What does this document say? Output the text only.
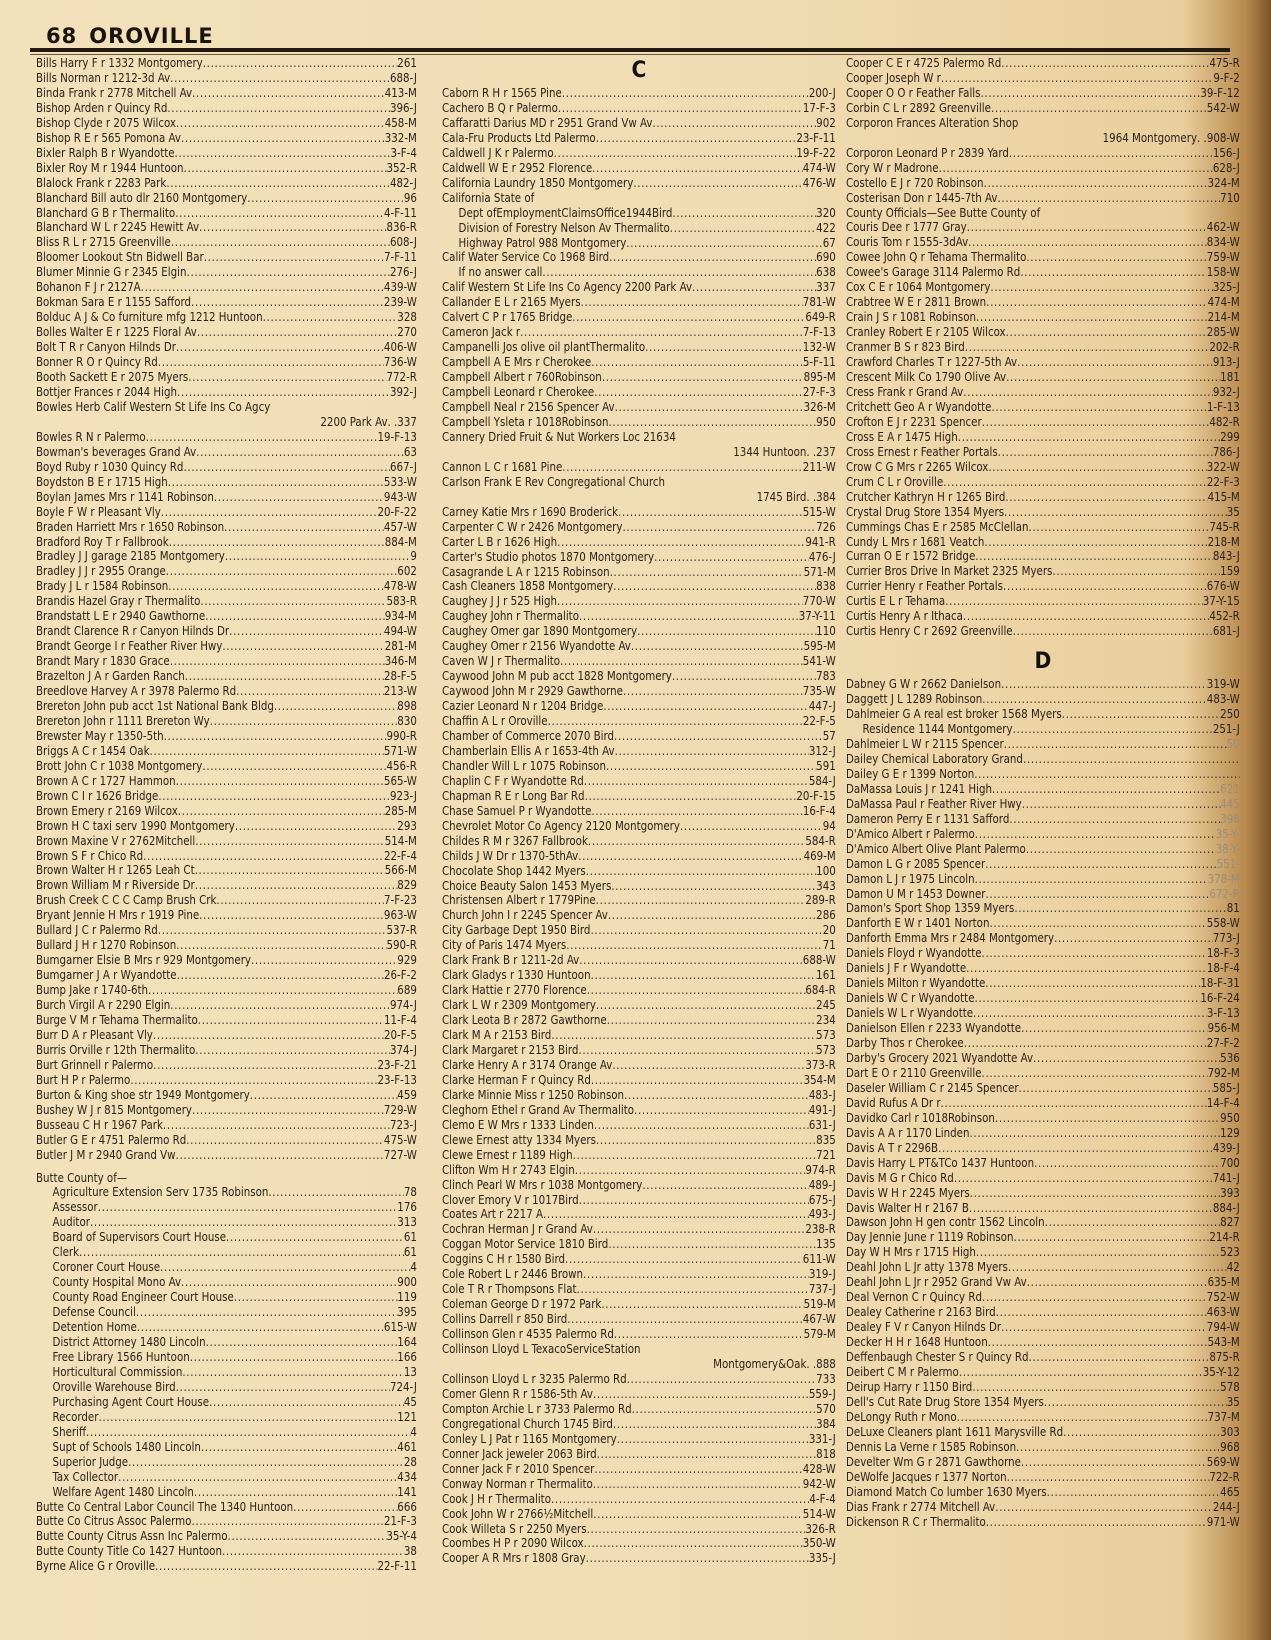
68 OROVILLE
Bills Harry F r 1332 Montgomery . . .	261
Bills Norman r 1212-3d Av . . .	688-J
Binda Frank r 2778 Mitchell Av . . .	413-M
Bishop Arden r Quincy Rd . . .	396-J
Bishop Clyde r 2075 Wilcox . . .	458-M
Bishop R E r 565 Pomona Av . . .	332-M
Bixler Ralph B r Wyandotte . . .	3-F-4
Bixler Roy M r 1944 Huntoon . . .	352-R
Blalock Frank r 2283 Park . . .	482-J
Blanchard Bill auto dlr 2160 Montgomery . . .	96
Blanchard G B r Thermalito . . .	4-F-11
Blanchard W L r 2245 Hewitt Av . . .	836-R
Bliss R L r 2715 Greenville . . .	608-J
Bloomer Lookout Stn Bidwell Bar . . .	7-F-11
Blumer Minnie G r 2345 Elgin . . .	276-J
Bohanon F J r 2127A . . .	439-W
Bokman Sara E r 1155 Safford . . .	239-W
Bolduc A J & Co furniture mfg 1212 Huntoon . . .	328
Bolles Walter E r 1225 Floral Av . . .	270
Bolt T R r Canyon Hilnds Dr . . .	406-W
Bonner R O r Quincy Rd . . .	736-W
Booth Sackett E r 2075 Myers . . .	772-R
Bottjer Frances r 2044 High . . .	392-J
Bowles Herb Calif Western St Life Ins Co Agcy
2200 Park Av . . 337
Bowles R N r Palermo . . .	19-F-13
Bowman's beverages Grand Av . . .	63
Boyd Ruby r 1030 Quincy Rd . . .	667-J
Boydston B E r 1715 High . . .	533-W
Boylan James Mrs r 1141 Robinson . . .	943-W
Boyle F W r Pleasant Vly . . .	20-F-22
Braden Harriett Mrs r 1650 Robinson . . .	457-W
Bradford Roy T r Fallbrook . . .	884-M
Bradley J J garage 2185 Montgomery . . .	9
Bradley J J r 2955 Orange . . .	602
Brady J L r 1584 Robinson . . .	478-W
Brandis Hazel Gray r Thermalito . . .	583-R
Brandstatt L E r 2940 Gawthorne . . .	934-M
Brandt Clarence R r Canyon Hilnds Dr . . .	494-W
Brandt George I r Feather River Hwy . . .	281-M
Brandt Mary r 1830 Grace . . .	346-M
Brazelton J A r Garden Ranch . . .	28-F-5
Breedlove Harvey A r 3978 Palermo Rd . . .	213-W
Brereton John pub acct 1st National Bank Bldg . . .	898
Brereton John r 1111 Brereton Wy . . .	830
Brewster May r 1350-5th . . .	990-R
Briggs A C r 1454 Oak . . .	571-W
Brott John C r 1038 Montgomery . . .	456-R
Brown A C r 1727 Hammon . . .	565-W
Brown C I r 1626 Bridge . . .	923-J
Brown Emery r 2169 Wilcox . . .	285-M
Brown H C taxi serv 1990 Montgomery . . .	293
Brown Maxine V r 2762Mitchell . . .	514-M
Brown S F r Chico Rd . . .	22-F-4
Brown Walter H r 1265 Leah Ct . . .	566-M
Brown William M r Riverside Dr . . .	829
Brush Creek C C C Camp Brush Crk . . .	7-F-23
Bryant Jennie H Mrs r 1919 Pine . . .	963-W
Bullard J C r Palermo Rd . . .	537-R
Bullard J H r 1270 Robinson . . .	590-R
Bumgarner Elsie B Mrs r 929 Montgomery . . .	929
Bumgarner J A r Wyandotte . . .	26-F-2
Bump Jake r 1740-6th . . .	689
Burch Virgil A r 2290 Elgin . . .	974-J
Burge V M r Tehama Thermalito . . .	11-F-4
Burr D A r Pleasant Vly . . .	20-F-5
Burris Orville r 12th Thermalito . . .	374-J
Burt Grinnell r Palermo . . .	23-F-21
Burt H P r Palermo . . .	23-F-13
Burton & King shoe str 1949 Montgomery . . .	459
Bushey W J r 815 Montgomery . . .	729-W
Busseau C H r 1967 Park . . .	723-J
Butler G E r 4751 Palermo Rd . . .	475-W
Butler J M r 2940 Grand Vw . . .	727-W
Butte County of—
Agriculture Extension Serv 1735 Robinson . . .	78
Assessor . . .	176
Auditor . . .	313
Board of Supervisors Court House . . .	61
Clerk . . .	61
Coroner Court House . . .	4
County Hospital Mono Av . . .	900
County Road Engineer Court House . . .	119
Defense Council . . .	395
Detention Home . . .	615-W
District Attorney 1480 Lincoln . . .	164
Free Library 1566 Huntoon . . .	166
Horticultural Commission . . .	13
Oroville Warehouse Bird . . .	724-J
Purchasing Agent Court House . . .	45
Recorder . . .	121
Sheriff . . .	4
Supt of Schools 1480 Lincoln . . .	461
Superior Judge . . .	28
Tax Collector . . .	434
Welfare Agent 1480 Lincoln . . .	141
Butte Co Central Labor Council The 1340 Huntoon . . .	666
Butte Co Citrus Assoc Palermo . . .	21-F-3
Butte County Citrus Assn Inc Palermo . . .	35-Y-4
Butte County Title Co 1427 Huntoon . . .	38
Byrne Alice G r Oroville . . .	22-F-11
C
Caborn R H r 1565 Pine . . .	200-J
Cachero B Q r Palermo . . .	17-F-3
Caffaratti Darius MD r 2951 Grand Vw Av . . .	902
Cala-Fru Products Ltd Palermo . . .	23-F-11
Caldwell J K r Palermo . . .	19-F-22
Caldwell W E r 2952 Florence . . .	474-W
California Laundry 1850 Montgomery . . .	476-W
California State of
Dept ofEmploymentClaimsOffice1944Bird . . .	320
Division of Forestry Nelson Av Thermalito . . .	422
Highway Patrol 988 Montgomery . . .	67
Calif Water Service Co 1968 Bird . . .	690
If no answer call . . .	638
Calif Western St Life Ins Co Agency 2200 Park Av . . .	337
Callander E L r 2165 Myers . . .	781-W
Calvert C P r 1765 Bridge . . .	649-R
Cameron Jack r . . .	7-F-13
Campanelli Jos olive oil plantThermalito . . .	132-W
Campbell A E Mrs r Cherokee . . .	5-F-11
Campbell Albert r 760Robinson . . .	895-M
Campbell Leonard r Cherokee . . .	27-F-3
Campbell Neal r 2156 Spencer Av . . .	326-M
Campbell Ysleta r 1018Robinson . . .	950
Cannery Dried Fruit & Nut Workers Loc 21634
1344 Huntoon . . 237
Cannon L C r 1681 Pine . . .	211-W
Carlson Frank E Rev Congregational Church
1745 Bird . . 384
Carney Katie Mrs r 1690 Broderick . . .	515-W
Carpenter C W r 2426 Montgomery . . .	726
Carter L B r 1626 High . . .	941-R
Carter's Studio photos 1870 Montgomery . . .	476-J
Casagrande L A r 1215 Robinson . . .	571-M
Cash Cleaners 1858 Montgomery . . .	838
Caughey J J r 525 High . . .	770-W
Caughey John r Thermalito . . .	37-Y-11
Caughey Omer gar 1890 Montgomery . . .	110
Caughey Omer r 2156 Wyandotte Av . . .	595-M
Caven W J r Thermalito . . .	541-W
Caywood John M pub acct 1828 Montgomery . . .	783
Caywood John M r 2929 Gawthorne . . .	735-W
Cazier Leonard N r 1204 Bridge . . .	447-J
Chaffin A L r Oroville . . .	22-F-5
Chamber of Commerce 2070 Bird . . .	57
Chamberlain Ellis A r 1653-4th Av . . .	312-J
Chandler Will L r 1075 Robinson . . .	591
Chaplin C F r Wyandotte Rd . . .	584-J
Chapman R E r Long Bar Rd . . .	20-F-15
Chase Samuel P r Wyandotte . . .	16-F-4
Chevrolet Motor Co Agency 2120 Montgomery . . .	94
Childes R M r 3267 Fallbrook . . .	584-R
Childs J W Dr r 1370-5thAv . . .	469-M
Chocolate Shop 1442 Myers . . .	100
Choice Beauty Salon 1453 Myers . . .	343
Christensen Albert r 1779Pine . . .	289-R
Church John I r 2245 Spencer Av . . .	286
City Garbage Dept 1950 Bird . . .	20
City of Paris 1474 Myers . . .	71
Clark Frank B r 1211-2d Av . . .	688-W
Clark Gladys r 1330 Huntoon . . .	161
Clark Hattie r 2770 Florence . . .	684-R
Clark L W r 2309 Montgomery . . .	245
Clark Leota B r 2872 Gawthorne . . .	234
Clark M A r 2153 Bird . . .	573
Clark Margaret r 2153 Bird . . .	573
Clarke Henry A r 3174 Orange Av . . .	373-R
Clarke Herman F r Quincy Rd . . .	354-M
Clarke Minnie Miss r 1250 Robinson . . .	483-J
Cleghorn Ethel r Grand Av Thermalito . . .	491-J
Clemo E W Mrs r 1333 Linden . . .	631-J
Clewe Ernest atty 1334 Myers . . .	835
Clewe Ernest r 1189 High . . .	721
Clifton Wm H r 2743 Elgin . . .	974-R
Clinch Pearl W Mrs r 1038 Montgomery . . .	489-J
Clover Emory V r 1017Bird . . .	675-J
Coates Art r 2217 A . . .	493-J
Cochran Herman J r Grand Av . . .	238-R
Coggan Motor Service 1810 Bird . . .	135
Coggins C H r 1580 Bird . . .	611-W
Cole Robert L r 2446 Brown . . .	319-J
Cole T R r Thompsons Flat . . .	737-J
Coleman George D r 1972 Park . . .	519-M
Collins Darrell r 850 Bird . . .	467-W
Collinson Glen r 4535 Palermo Rd . . .	579-M
Collinson Lloyd L TexacoServiceStation
Montgomery&Oak . . 888
Collinson Lloyd L r 3235 Palermo Rd . . .	733
Comer Glenn R r 1586-5th Av . . .	559-J
Compton Archie L r 3733 Palermo Rd . . .	570
Congregational Church 1745 Bird . . .	384
Conley L J Pat r 1165 Montgomery . . .	331-J
Conner Jack jeweler 2063 Bird . . .	818
Conner Jack F r 2010 Spencer . . .	428-W
Conway Norman r Thermalito . . .	942-W
Cook J H r Thermalito . . .	4-F-4
Cook John W r 2766½Mitchell . . .	514-W
Cook Willeta S r 2250 Myers . . .	326-R
Coombes H P r 2090 Wilcox . . .	350-W
Cooper A R Mrs r 1808 Gray . . .	335-J
Cooper C E r 4725 Palermo Rd . . .	475-R
Cooper Joseph W r . . .	9-F-2
Cooper O O r Feather Falls . . .	39-F-12
Corbin C L r 2892 Greenville . . .	542-W
Corporon Frances Alteration Shop
1964 Montgomery . . 908-W
Corporon Leonard P r 2839 Yard . . .	156-J
Cory W r Madrone . . .	628-J
Costello E J r 720 Robinson . . .	324-M
Costerisan Don r 1445-7th Av . . .	710
County Officials—See Butte County of
Couris Dee r 1777 Gray . . .	462-W
Couris Tom r 1555-3dAv . . .	834-W
Cowee John Q r Tehama Thermalito . . .	759-W
Cowee's Garage 3114 Palermo Rd . . .	158-W
Cox C E r 1064 Montgomery . . .	325-J
Crabtree W E r 2811 Brown . . .	474-M
Crain J S r 1081 Robinson . . .	214-M
Cranley Robert E r 2105 Wilcox . . .	285-W
Cranmer B S r 823 Bird . . .	202-R
Crawford Charles T r 1227-5th Av . . .	913-J
Crescent Milk Co 1790 Olive Av . . .	181
Cress Frank r Grand Av . . .	932-J
Critchett Geo A r Wyandotte . . .	1-F-13
Crofton E J r 2231 Spencer . . .	482-R
Cross E A r 1475 High . . .	299
Cross Ernest r Feather Portals . . .	786-J
Crow C G Mrs r 2265 Wilcox . . .	322-W
Crum C L r Oroville . . .	22-F-3
Crutcher Kathryn H r 1265 Bird . . .	415-M
Crystal Drug Store 1354 Myers . . .	35
Cummings Chas E r 2585 McClellan . . .	745-R
Cundy L Mrs r 1681 Veatch . . .	218-M
Curran O E r 1572 Bridge . . .	843-J
Currier Bros Drive In Market 2325 Myers . . .	159
Currier Henry r Feather Portals . . .	676-W
Curtis E L r Tehama . . .	37-Y-15
Curtis Henry A r Ithaca . . .	452-R
Curtis Henry C r 2692 Greenville . . .	681-J
D
Dabney G W r 2662 Danielson . . .	319-W
Daggett J L 1289 Robinson . . .	483-W
Dahlmeier G A real est broker 1568 Myers . . .	250
Residence 1144 Montgomery . . .	251-J
Dahlmeier L W r 2115 Spencer . . .	50
Dailey Chemical Laboratory Grand
. . .
Dailey G E r 1399 Norton
. . .
DaMassa Louis J r 1241 High . . .	621
DaMassa Paul r Feather River Hwy . . .	445
Dameron Perry E r 1131 Safford . . .	398
D'Amico Albert r Palermo . . .	35-Y-
D'Amico Albert Olive Plant Palermo . . .	38-Y-
Damon L G r 2085 Spencer . . .	551-
Damon L J r 1975 Lincoln . . .	378-M
Damon U M r 1453 Downer . . .	672-R
Damon's Sport Shop 1359 Myers . . .	81
Danforth E W r 1401 Norton . . .	558-W
Danforth Emma Mrs r 2484 Montgomery . . .	773-J
Daniels Floyd r Wyandotte . . .	18-F-3
Daniels J F r Wyandotte . . .	18-F-4
Daniels Milton r Wyandotte . . .	18-F-31
Daniels W C r Wyandotte . . .	16-F-24
Daniels W L r Wyandotte . . .	3-F-13
Danielson Ellen r 2233 Wyandotte . . .	956-M
Darby Thos r Cherokee . . .	27-F-2
Darby's Grocery 2021 Wyandotte Av . . .	536
Dart E O r 2110 Greenville . . .	792-M
Daseler William C r 2145 Spencer . . .	585-J
David Rufus A Dr r . . .	14-F-4
Davidko Carl r 1018Robinson . . .	950
Davis A A r 1170 Linden . . .	129
Davis A T r 2296B . . .	439-J
Davis Harry L PT&TCo 1437 Huntoon . . .	700
Davis M G r Chico Rd . . .	741-J
Davis W H r 2245 Myers . . .	393
Davis Walter H r 2167 B . . .	884-J
Dawson John H gen contr 1562 Lincoln . . .	827
Day Jennie June r 1119 Robinson . . .	214-R
Day W H Mrs r 1715 High . . .	523
Deahl John L Jr atty 1378 Myers . . .	42
Deahl John L Jr r 2952 Grand Vw Av . . .	635-M
Deal Vernon C r Quincy Rd . . .	752-W
Dealey Catherine r 2163 Bird . . .	463-W
Dealey F V r Canyon Hilnds Dr . . .	794-W
Decker H H r 1648 Huntoon . . .	543-M
Deffenbaugh Chester S r Quincy Rd . . .	875-R
Deibert C M r Palermo . . .	35-Y-12
Deirup Harry r 1150 Bird . . .	578
Dell's Cut Rate Drug Store 1354 Myers . . .	35
DeLongy Ruth r Mono . . .	737-M
DeLuxe Cleaners plant 1611 Marysville Rd . . .	303
Dennis La Verne r 1585 Robinson . . .	968
Develter Wm G r 2871 Gawthorne . . .	569-W
DeWolfe Jacques r 1377 Norton . . .	722-R
Diamond Match Co lumber 1630 Myers . . .	465
Dias Frank r 2774 Mitchell Av . . .	244-J
Dickenson R C r Thermalito . . .	971-W
